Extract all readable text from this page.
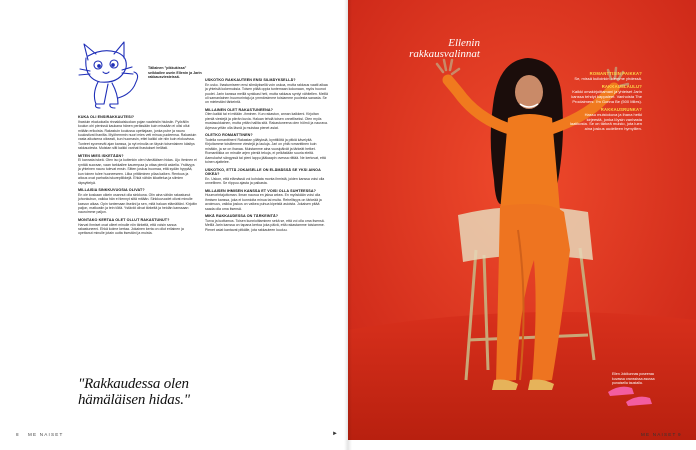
Tällainen "pikkukissa" seikkailee usein Ellenin ja Jarin rakkausviesteissä.
KUKA OLI ENSIRAKKAUTESI?
Ihastuin ekaluokalla rinnakkaisluokan pojan vaaleisiin hiuksiin. Pyöräilin koulun ohi pienissä kaukana hänen perässään kuin missään ei olisi ollut mitään erikoista. Rakastuin koulussa opettajaan, jonka puhe ja nauru kuulostivat ihanilta. Myöhemmin nuori mies veti minua puoleensa. Rakastuin vasta aikuisena oikeasti, kun huomasin, ettei kaikki ole niin kuin elokuvissa. Tunteet syvenevät ajan kanssa, ja nyt minulla on täysin toisenlainen käsitys rakkaudesta. Muistan silti kaikki vanhat ihastukset hellästi.
MITEN MIES ISKETÄÄN?
Ei kannata iskeä. Olen iso ja kuitenkin olen hämäläisen hidas. Ujo ihminen ei ryntää suoraan, vaan tarkkailee kauempaa ja ottaa pieniä askelia. Ystävyys ja yhteinen nauru tulevat ensin. Sitten joskus huomaa, että sydän hyppää, kun toinen tulee huoneeseen. Liika yrittäminen pilaa kaiken. Rentous ja aitous ovat parhaita iskurepliikkejä. Ehkä vähän kikattelua ja silmien räpsyttelyä.
MILLAISIA SINKKUVUOSIA OLIVAT?
En ole koskaan oikein osannut olla sinkkuna. Olin aina vähän rakastunut johonkuhun, vaikka hän ei tiennyt siitä mitään. Sinkkuvuodet olivat minulle kasvun aikaa. Opin tuntemaan itseäni ja sen, mitä haluan elämältäni. Kirjoitin paljon, matkustin ja tein töitä. Ystävät olivat tärkeitä ja heidän kanssaan nauroimme paljon.
MONTAKO KERTAA OLET OLLUT RAKASTUNUT?
Harvat ihmiset ovat olleet minulle niin tärkeitä, että voisin sanoa rakastuneeni. Ehkä kolme kertaa. Jokainen kerta on ollut erilainen ja opettanut minulle jotain uutta itsestäni ja muista.
"Rakkaudessa olen hämäläisen hidas."
USKOTKO RAKKAUTEEN ENSI SILMÄYKSELLÄ?
En usko. Ihastumiseen ensi silmäyksellä voin uskoa, mutta rakkaus vaatii aikaa ja yhteisiä kokemuksia. Toisen pitää oppia tuntemaan kokonaan, myös huonot puolet. Jarin kanssa meillä synkkasi heti, mutta rakkaus syntyi vähitellen. Meillä oli samanlainen huumorintaju ja ymmärsimme toisiamme puolesta sanasta. Se on mielestäni tärkeintä.
MILLAINEN OLET RAKASTUNEENA?
Olen kaikki tai ei mitään -ihminen. Kun rakastun, annan kaikkeni. Kirjoitan pieniä viestejä ja piirrän kuvia. Haluan tehdä toisen onnelliseksi. Olen myös mustasukkainen, mutta yritän hallita sitä. Rakastuneena olen hölmö ja naurava. Arjessa yritän olla läsnä ja muistaa pienet asiat.
OLETKO ROMANTTINEN?
Todella romanttinen! Rakastan yllätyksiä, kynttilöitä ja pitkiä kävelyitä. Kirjoitamme toisillemme viestejä ja lauluja. Jari on yhtä romanttinen kuin minäkin, ja se on ihanaa. Muistamme aina vuosipäivät ja tärkeät hetket. Romantiikka on minulle arjen pieniä tekoja, ei pelkästään suuria eleitä. Aamukahvi sängyssä tai pieni lappu jääkaapin ovessa riittää. Ne kertovat, että toinen ajattelee.
USKOTKO, ETTÄ JOKAISELLE ON ELÄMÄSSÄ SE YKSI AINOA OIKEA?
En. Uskon, että elämässä voi kohdata monta ihmistä, joiden kanssa voisi olla onnellinen. Se riippuu ajasta ja paikasta.
MILLAISEN IHMISEN KANSSA ET VOISI OLLA SUHTEESSA?
Huumorintajuttoman. Ilman naurua en jaksa arkea. En myöskään voisi olla ihmisen kanssa, joka ei kunnioita minua tai muita. Rehellisyys on tärkeää ja avoimuus, vaikka joskus on vaikea puhua kipeistä asioista. Jokaisen pitää saada olla oma itsensä.
MIKÄ RAKKAUDESSA ON TÄRKEINTÄ?
Turva ja luottamus. Toisen kunnioittaminen sekä se, että voi olla oma itsensä. Meillä Jarin kanssa on tapana kertoa joka päivä, että rakastamme toisiamme. Pienet asiat kantavat pitkälle, jota rakkauteen kuuluu.
8 ME NAISET	►
Ellenin
rakkausvalinnat
ROMANTTISIN PAIKKA?
Se, missä kulloinkin olemme yhdessä.
RAKKAUSLAULU?
Kaikki omakirjoittamani ja yhteiset Jarin kanssa tehdyt kappaleet. Vanhoista The Proclaimers: I'm Gonna Be (500 Miles).
RAKKAUSRUNKA?
Hassu muistokuva ja ihana hetki kirjeestä, jonka löysin vanhasta laatikosta. Se on tärkeä muisto, jota luen aina joskus uudelleen hymyillen.
Ellen Jokikunnas poseeraa kuvassa oranssissa asussa punaisella taustalla.
ME NAISET 9
